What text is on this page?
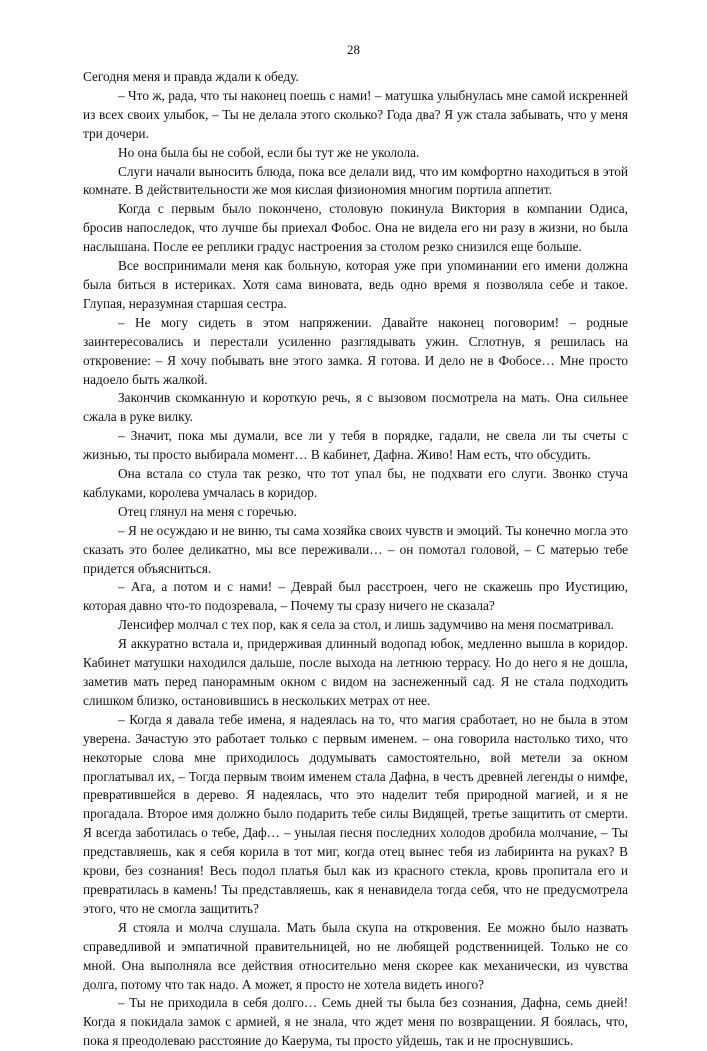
28

Сегодня меня и правда ждали к обеду.

– Что ж, рада, что ты наконец поешь с нами! – матушка улыбнулась мне самой искренней из всех своих улыбок, – Ты не делала этого сколько? Года два? Я уж стала забывать, что у меня три дочери.

Но она была бы не собой, если бы тут же не уколола.

Слуги начали выносить блюда, пока все делали вид, что им комфортно находиться в этой комнате. В действительности же моя кислая физиономия многим портила аппетит.

Когда с первым было покончено, столовую покинула Виктория в компании Одиса, бросив напоследок, что лучше бы приехал Фобос. Она не видела его ни разу в жизни, но была наслышана. После ее реплики градус настроения за столом резко снизился еще больше.

Все воспринимали меня как больную, которая уже при упоминании его имени должна была биться в истериках. Хотя сама виновата, ведь одно время я позволяла себе и такое. Глупая, неразумная старшая сестра.

– Не могу сидеть в этом напряжении. Давайте наконец поговорим! – родные заинтересовались и перестали усиленно разглядывать ужин. Сглотнув, я решилась на откровение: – Я хочу побывать вне этого замка. Я готова. И дело не в Фобосе… Мне просто надоело быть жалкой.

Закончив скомканную и короткую речь, я с вызовом посмотрела на мать. Она сильнее сжала в руке вилку.

– Значит, пока мы думали, все ли у тебя в порядке, гадали, не свела ли ты счеты с жизнью, ты просто выбирала момент… В кабинет, Дафна. Живо! Нам есть, что обсудить.

Она встала со стула так резко, что тот упал бы, не подхвати его слуги. Звонко стуча каблуками, королева умчалась в коридор.

Отец глянул на меня с горечью.

– Я не осуждаю и не виню, ты сама хозяйка своих чувств и эмоций. Ты конечно могла это сказать это более деликатно, мы все переживали… – он помотал головой, – С матерью тебе придется объясниться.

– Ага, а потом и с нами! – Деврай был расстроен, чего не скажешь про Иустицию, которая давно что-то подозревала, – Почему ты сразу ничего не сказала?

Ленсифер молчал с тех пор, как я села за стол, и лишь задумчиво на меня посматривал.

Я аккуратно встала и, придерживая длинный водопад юбок, медленно вышла в коридор. Кабинет матушки находился дальше, после выхода на летнюю террасу. Но до него я не дошла, заметив мать перед панорамным окном с видом на заснеженный сад. Я не стала подходить слишком близко, остановившись в нескольких метрах от нее.

– Когда я давала тебе имена, я надеялась на то, что магия сработает, но не была в этом уверена. Зачастую это работает только с первым именем. – она говорила настолько тихо, что некоторые слова мне приходилось додумывать самостоятельно, вой метели за окном проглатывал их, – Тогда первым твоим именем стала Дафна, в честь древней легенды о нимфе, превратившейся в дерево. Я надеялась, что это наделит тебя природной магией, и я не прогадала. Второе имя должно было подарить тебе силы Видящей, третье защитить от смерти. Я всегда заботилась о тебе, Даф… – унылая песня последних холодов дробила молчание, – Ты представляешь, как я себя корила в тот миг, когда отец вынес тебя из лабиринта на руках? В крови, без сознания! Весь подол платья был как из красного стекла, кровь пропитала его и превратилась в камень! Ты представляешь, как я ненавидела тогда себя, что не предусмотрела этого, что не смогла защитить?

Я стояла и молча слушала. Мать была скупа на откровения. Ее можно было назвать справедливой и эмпатичной правительницей, но не любящей родственницей. Только не со мной. Она выполняла все действия относительно меня скорее как механически, из чувства долга, потому что так надо. А может, я просто не хотела видеть иного?

– Ты не приходила в себя долго… Семь дней ты была без сознания, Дафна, семь дней! Когда я покидала замок с армией, я не знала, что ждет меня по возвращении. Я боялась, что, пока я преодолеваю расстояние до Каерума, ты просто уйдешь, так и не проснувшись.
